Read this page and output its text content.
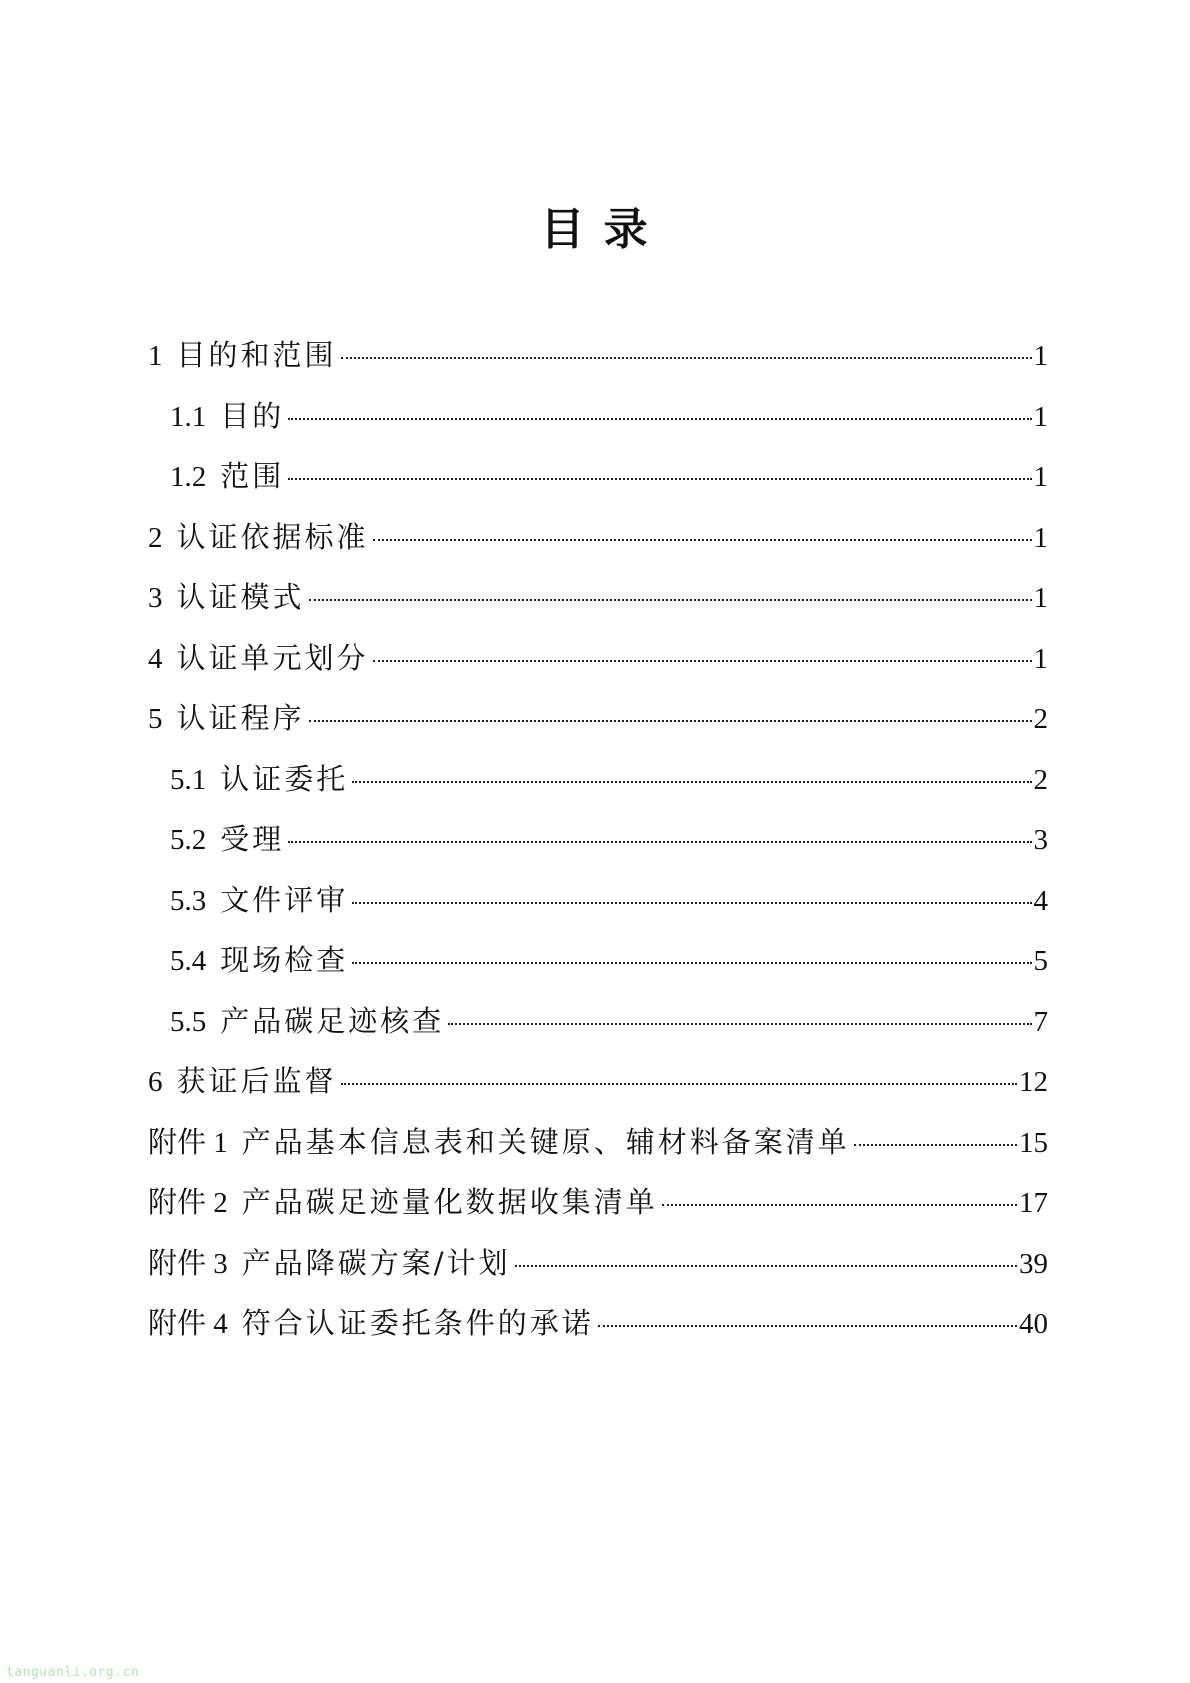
目 录
1 目的和范围	1
1.1 目的	1
1.2 范围	1
2 认证依据标准	1
3 认证模式	1
4 认证单元划分	1
5 认证程序	2
5.1 认证委托	2
5.2 受理	3
5.3 文件评审	4
5.4 现场检查	5
5.5 产品碳足迹核查	7
6 获证后监督	12
附件 1 产品基本信息表和关键原、辅材料备案清单	15
附件 2 产品碳足迹量化数据收集清单	17
附件 3 产品降碳方案/计划	39
附件 4 符合认证委托条件的承诺	40
tanguanli.org.cn
